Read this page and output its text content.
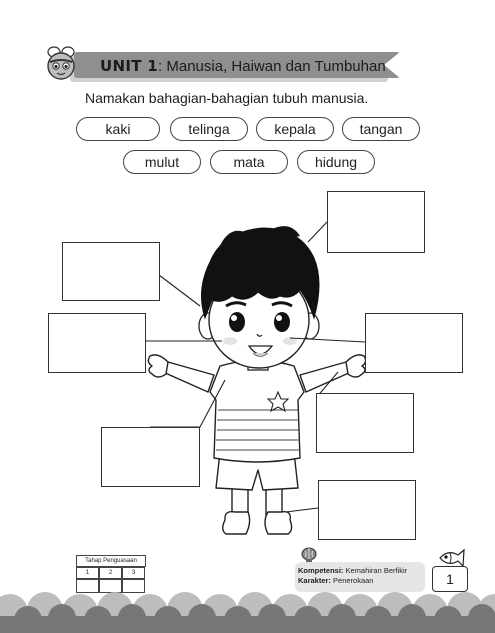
UNIT 1: Manusia, Haiwan dan Tumbuhan
Namakan bahagian-bahagian tubuh manusia.
kaki	telinga	kepala	tangan
mulut	mata	hidung
Tahap Penguasaan
1	2	3	Kompetensi: Kemahiran Berfikir
Karakter: Penerokaan	1
